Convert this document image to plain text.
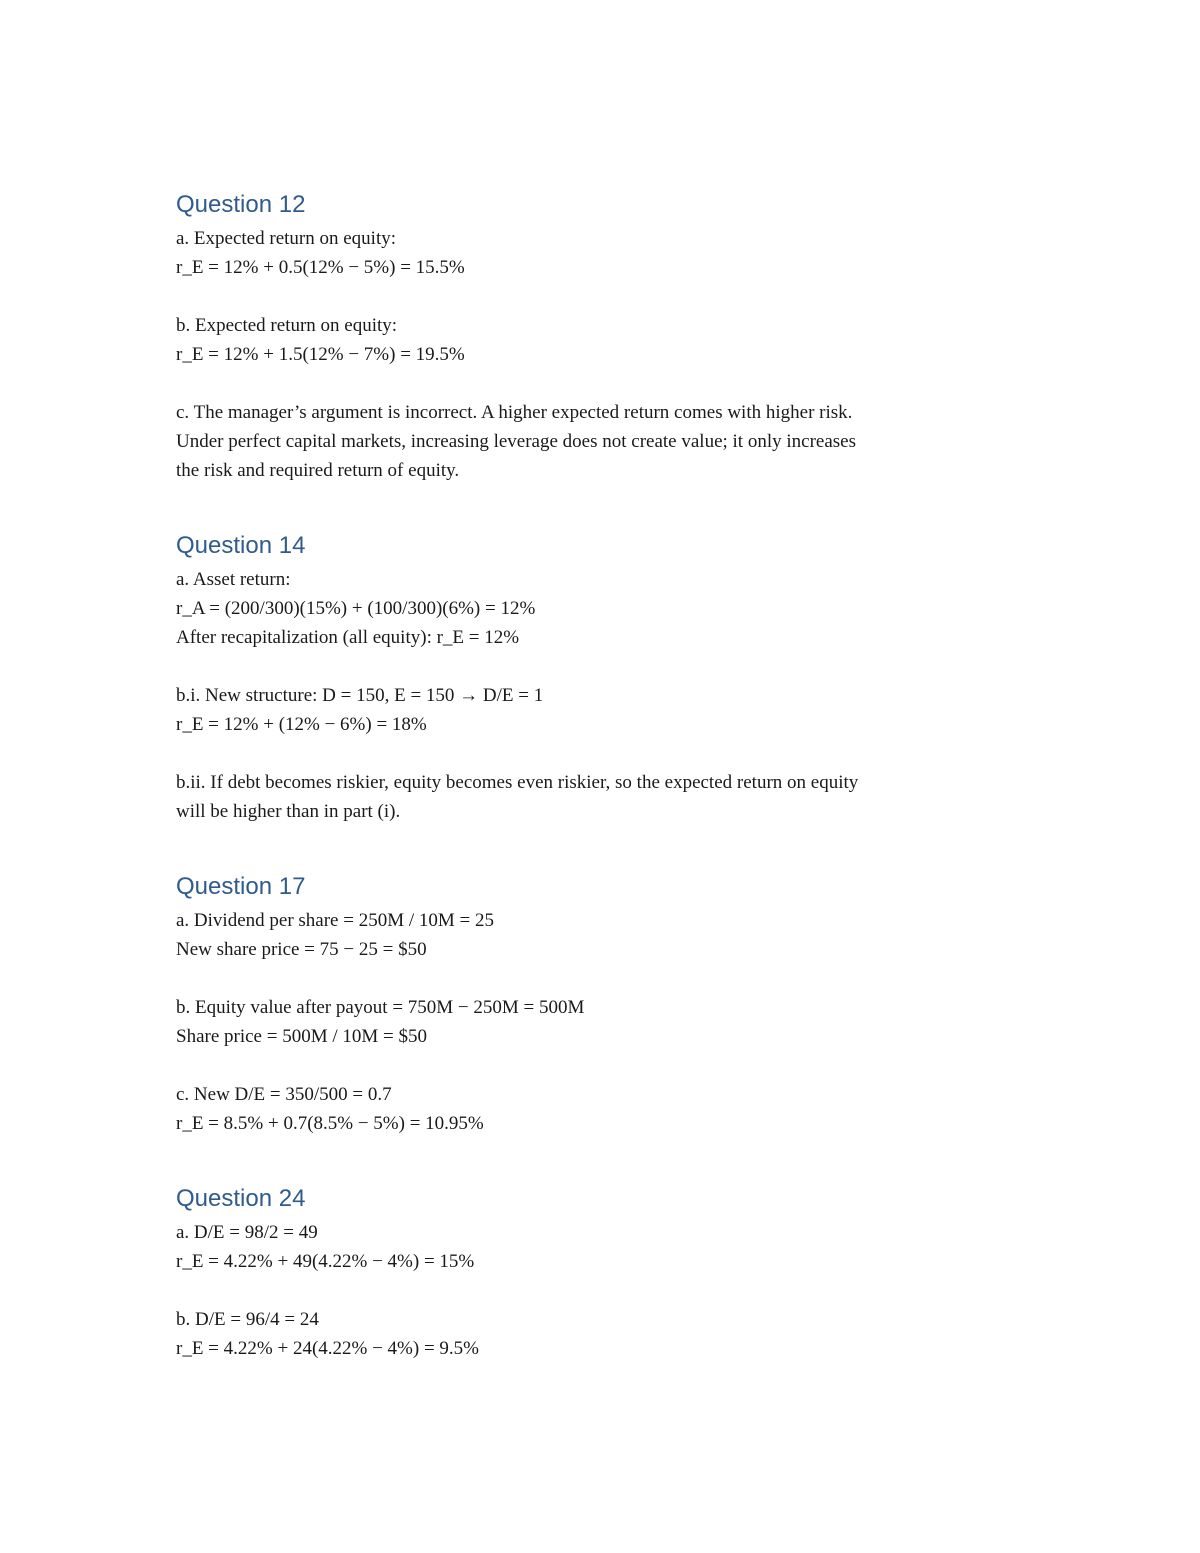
Question 12

a. Expected return on equity:
r_E = 12% + 0.5(12% − 5%) = 15.5%

b. Expected return on equity:
r_E = 12% + 1.5(12% − 7%) = 19.5%

c. The manager’s argument is incorrect. A higher expected return comes with higher risk.
Under perfect capital markets, increasing leverage does not create value; it only increases
the risk and required return of equity.

Question 14

a. Asset return:
r_A = (200/300)(15%) + (100/300)(6%) = 12%
After recapitalization (all equity): r_E = 12%

b.i. New structure: D = 150, E = 150 → D/E = 1
r_E = 12% + (12% − 6%) = 18%

b.ii. If debt becomes riskier, equity becomes even riskier, so the expected return on equity
will be higher than in part (i).

Question 17

a. Dividend per share = 250M / 10M = 25
New share price = 75 − 25 = $50

b. Equity value after payout = 750M − 250M = 500M
Share price = 500M / 10M = $50

c. New D/E = 350/500 = 0.7
r_E = 8.5% + 0.7(8.5% − 5%) = 10.95%

Question 24

a. D/E = 98/2 = 49
r_E = 4.22% + 49(4.22% − 4%) = 15%

b. D/E = 96/4 = 24
r_E = 4.22% + 24(4.22% − 4%) = 9.5%
